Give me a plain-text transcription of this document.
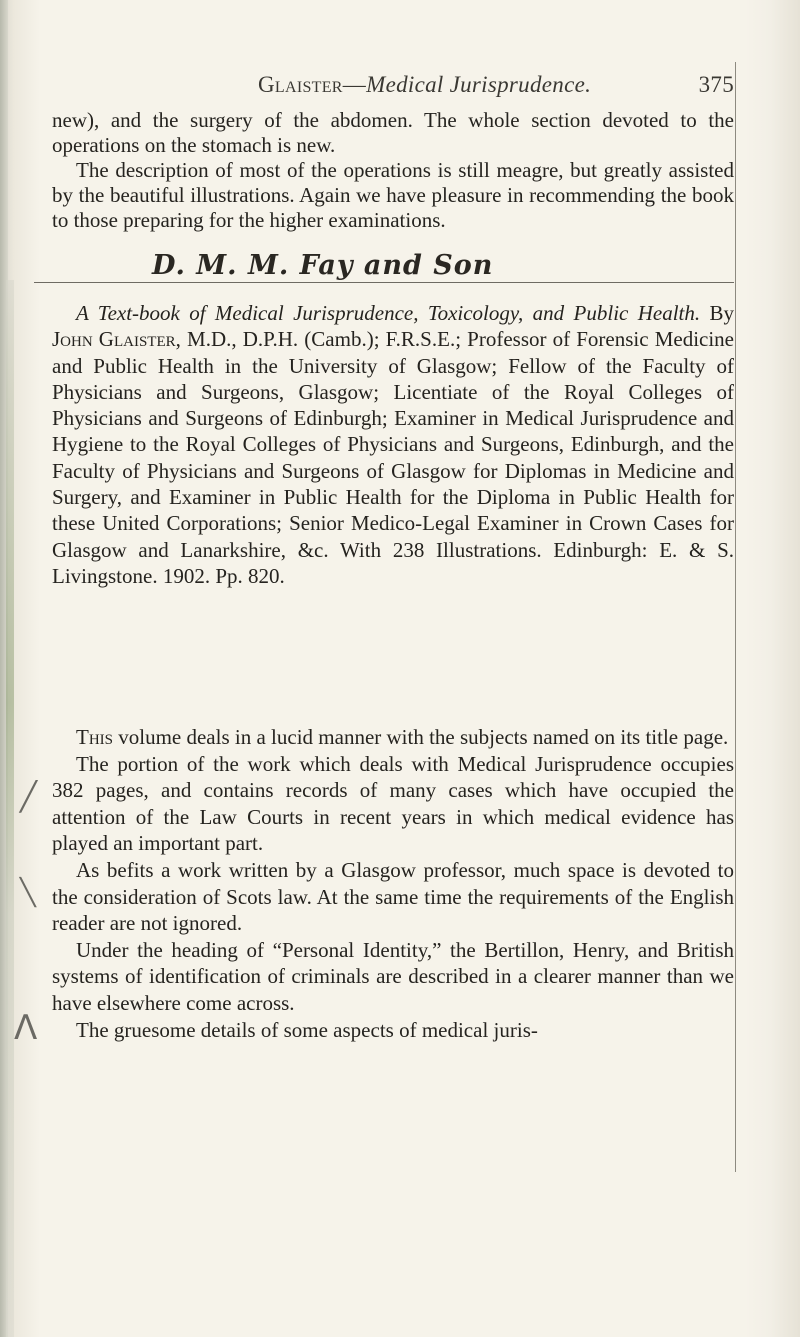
Glaister—Medical Jurisprudence.	375

new), and the surgery of the abdomen. The whole section devoted to the operations on the stomach is new.

The description of most of the operations is still meagre, but greatly assisted by the beautiful illustrations. Again we have pleasure in recommending the book to those preparing for the higher examinations.

D. M. M. Fay and Son

A Text-book of Medical Jurisprudence, Toxicology, and Public Health. By John Glaister, M.D., D.P.H. (Camb.); F.R.S.E.; Professor of Forensic Medicine and Public Health in the University of Glasgow; Fellow of the Faculty of Physicians and Surgeons, Glasgow; Licentiate of the Royal Colleges of Physicians and Surgeons of Edinburgh; Examiner in Medical Jurisprudence and Hygiene to the Royal Colleges of Physicians and Surgeons, Edinburgh, and the Faculty of Physicians and Surgeons of Glasgow for Diplomas in Medicine and Surgery, and Examiner in Public Health for the Diploma in Public Health for these United Corporations; Senior Medico-Legal Examiner in Crown Cases for Glasgow and Lanarkshire, &c. With 238 Illustrations. Edinburgh: E. & S. Livingstone. 1902. Pp. 820.

This volume deals in a lucid manner with the subjects named on its title page.

The portion of the work which deals with Medical Jurisprudence occupies 382 pages, and contains records of many cases which have occupied the attention of the Law Courts in recent years in which medical evidence has played an important part.

As befits a work written by a Glasgow professor, much space is devoted to the consideration of Scots law. At the same time the requirements of the English reader are not ignored.

Under the heading of “Personal Identity,” the Bertillon, Henry, and British systems of identification of criminals are described in a clearer manner than we have elsewhere come across.

The gruesome details of some aspects of medical juris-

╱
╲
Λ
